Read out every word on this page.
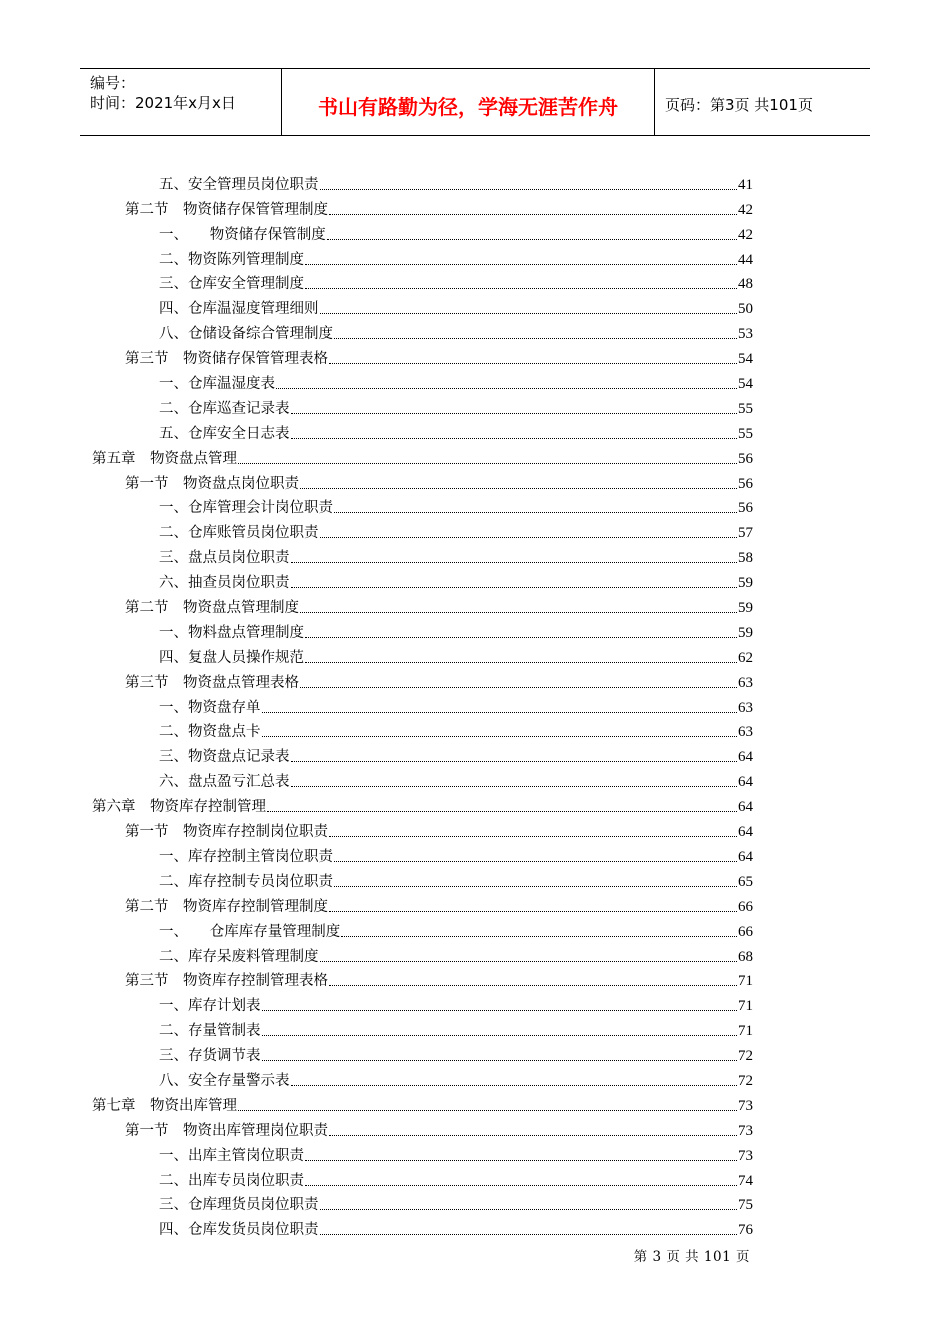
编号：
时间：2021年x月x日	书山有路勤为径，学海无涯苦作舟	页码：第3页 共101页
五、安全管理员岗位职责	41
第二节　物资储存保管管理制度	42
一、　　物资储存保管制度	42
二、物资陈列管理制度	44
三、仓库安全管理制度	48
四、仓库温湿度管理细则	50
八、仓储设备综合管理制度	53
第三节　物资储存保管管理表格	54
一、仓库温湿度表	54
二、仓库巡查记录表	55
五、仓库安全日志表	55
第五章　物资盘点管理	56
第一节　物资盘点岗位职责	56
一、仓库管理会计岗位职责	56
二、仓库账管员岗位职责	57
三、盘点员岗位职责	58
六、抽查员岗位职责	59
第二节　物资盘点管理制度	59
一、物料盘点管理制度	59
四、复盘人员操作规范	62
第三节　物资盘点管理表格	63
一、物资盘存单	63
二、物资盘点卡	63
三、物资盘点记录表	64
六、盘点盈亏汇总表	64
第六章　物资库存控制管理	64
第一节　物资库存控制岗位职责	64
一、库存控制主管岗位职责	64
二、库存控制专员岗位职责	65
第二节　物资库存控制管理制度	66
一、　　仓库库存量管理制度	66
二、库存呆废料管理制度	68
第三节　物资库存控制管理表格	71
一、库存计划表	71
二、存量管制表	71
三、存货调节表	72
八、安全存量警示表	72
第七章　物资出库管理	73
第一节　物资出库管理岗位职责	73
一、出库主管岗位职责	73
二、出库专员岗位职责	74
三、仓库理货员岗位职责	75
四、仓库发货员岗位职责	76
第 3 页 共 101 页
